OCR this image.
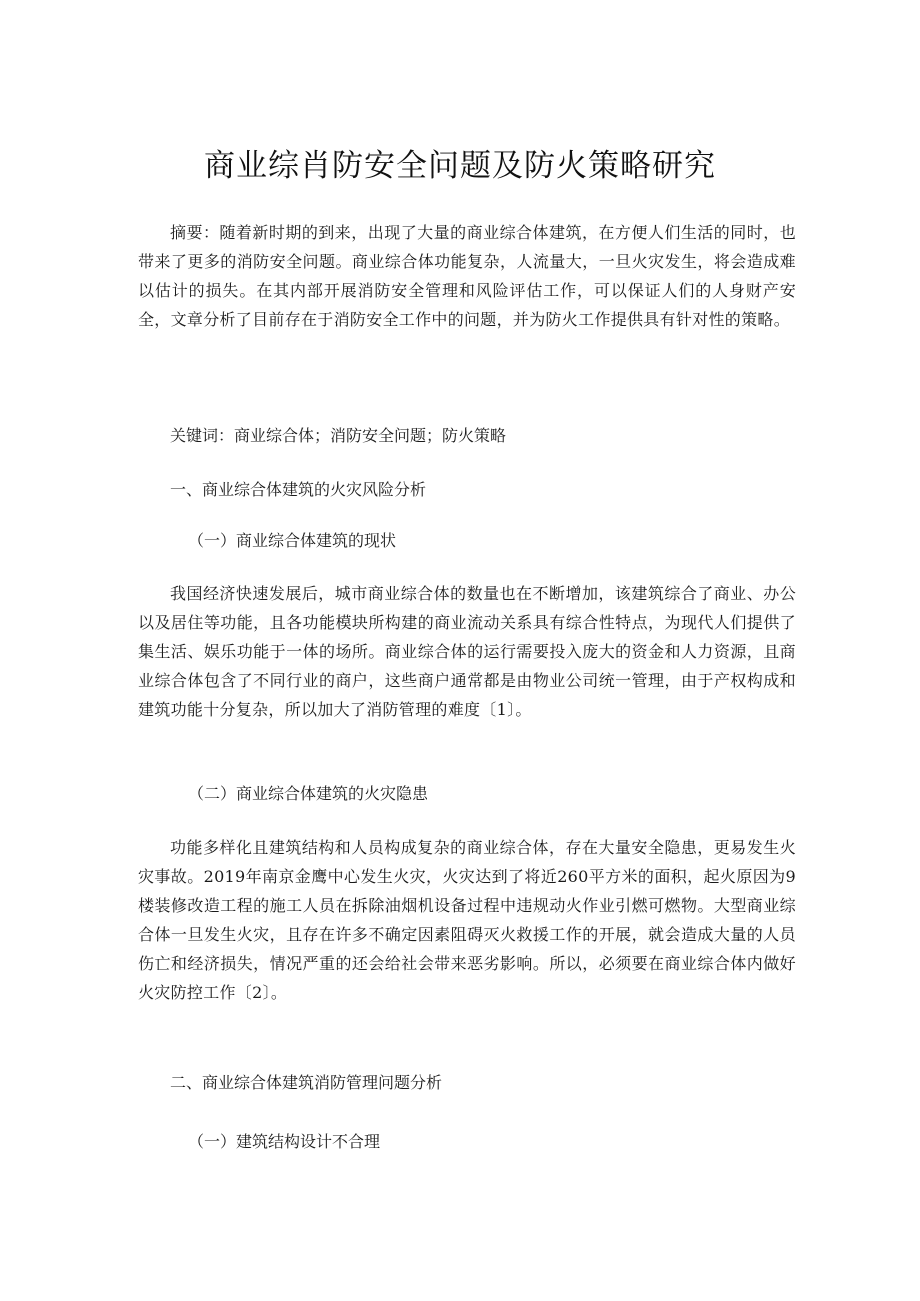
商业综肖防安全问题及防火策略研究

摘要：随着新时期的到来，出现了大量的商业综合体建筑，在方便人们生活的同时，也带来了更多的消防安全问题。商业综合体功能复杂，人流量大，一旦火灾发生，将会造成难以估计的损失。在其内部开展消防安全管理和风险评估工作，可以保证人们的人身财产安全，文章分析了目前存在于消防安全工作中的问题，并为防火工作提供具有针对性的策略。

关键词：商业综合体；消防安全问题；防火策略

一、商业综合体建筑的火灾风险分析

（一）商业综合体建筑的现状

我国经济快速发展后，城市商业综合体的数量也在不断增加，该建筑综合了商业、办公以及居住等功能，且各功能模块所构建的商业流动关系具有综合性特点，为现代人们提供了集生活、娱乐功能于一体的场所。商业综合体的运行需要投入庞大的资金和人力资源，且商业综合体包含了不同行业的商户，这些商户通常都是由物业公司统一管理，由于产权构成和建筑功能十分复杂，所以加大了消防管理的难度〔1〕。

（二）商业综合体建筑的火灾隐患

功能多样化且建筑结构和人员构成复杂的商业综合体，存在大量安全隐患，更易发生火灾事故。2019年南京金鹰中心发生火灾，火灾达到了将近260平方米的面积，起火原因为9楼装修改造工程的施工人员在拆除油烟机设备过程中违规动火作业引燃可燃物。大型商业综合体一旦发生火灾，且存在许多不确定因素阻碍灭火救援工作的开展，就会造成大量的人员伤亡和经济损失，情况严重的还会给社会带来恶劣影响。所以，必须要在商业综合体内做好火灾防控工作〔2〕。

二、商业综合体建筑消防管理问题分析

（一）建筑结构设计不合理
